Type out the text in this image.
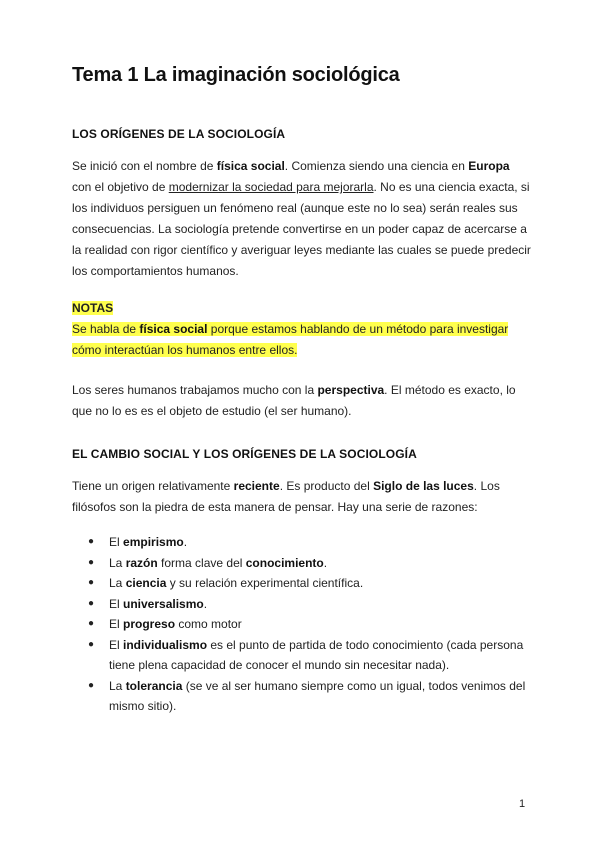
Tema 1 La imaginación sociológica
LOS ORÍGENES DE LA SOCIOLOGÍA

Se inició con el nombre de física social. Comienza siendo una ciencia en Europa con el objetivo de modernizar la sociedad para mejorarla. No es una ciencia exacta, si los individuos persiguen un fenómeno real (aunque este no lo sea) serán reales sus consecuencias. La sociología pretende convertirse en un poder capaz de acercarse a la realidad con rigor científico y averiguar leyes mediante las cuales se puede predecir los comportamientos humanos.

NOTAS
Se habla de física social porque estamos hablando de un método para investigar
cómo interactúan los humanos entre ellos.

Los seres humanos trabajamos mucho con la perspectiva. El método es exacto, lo que no lo es es el objeto de estudio (el ser humano).

EL CAMBIO SOCIAL Y LOS ORÍGENES DE LA SOCIOLOGÍA

Tiene un origen relativamente reciente. Es producto del Siglo de las luces. Los filósofos son la piedra de esta manera de pensar. Hay una serie de razones:

● El empirismo.
● La razón forma clave del conocimiento.
● La ciencia y su relación experimental científica.
● El universalismo.
● El progreso como motor
● El individualismo es el punto de partida de todo conocimiento (cada persona tiene plena capacidad de conocer el mundo sin necesitar nada).
● La tolerancia (se ve al ser humano siempre como un igual, todos venimos del mismo sitio).
1
